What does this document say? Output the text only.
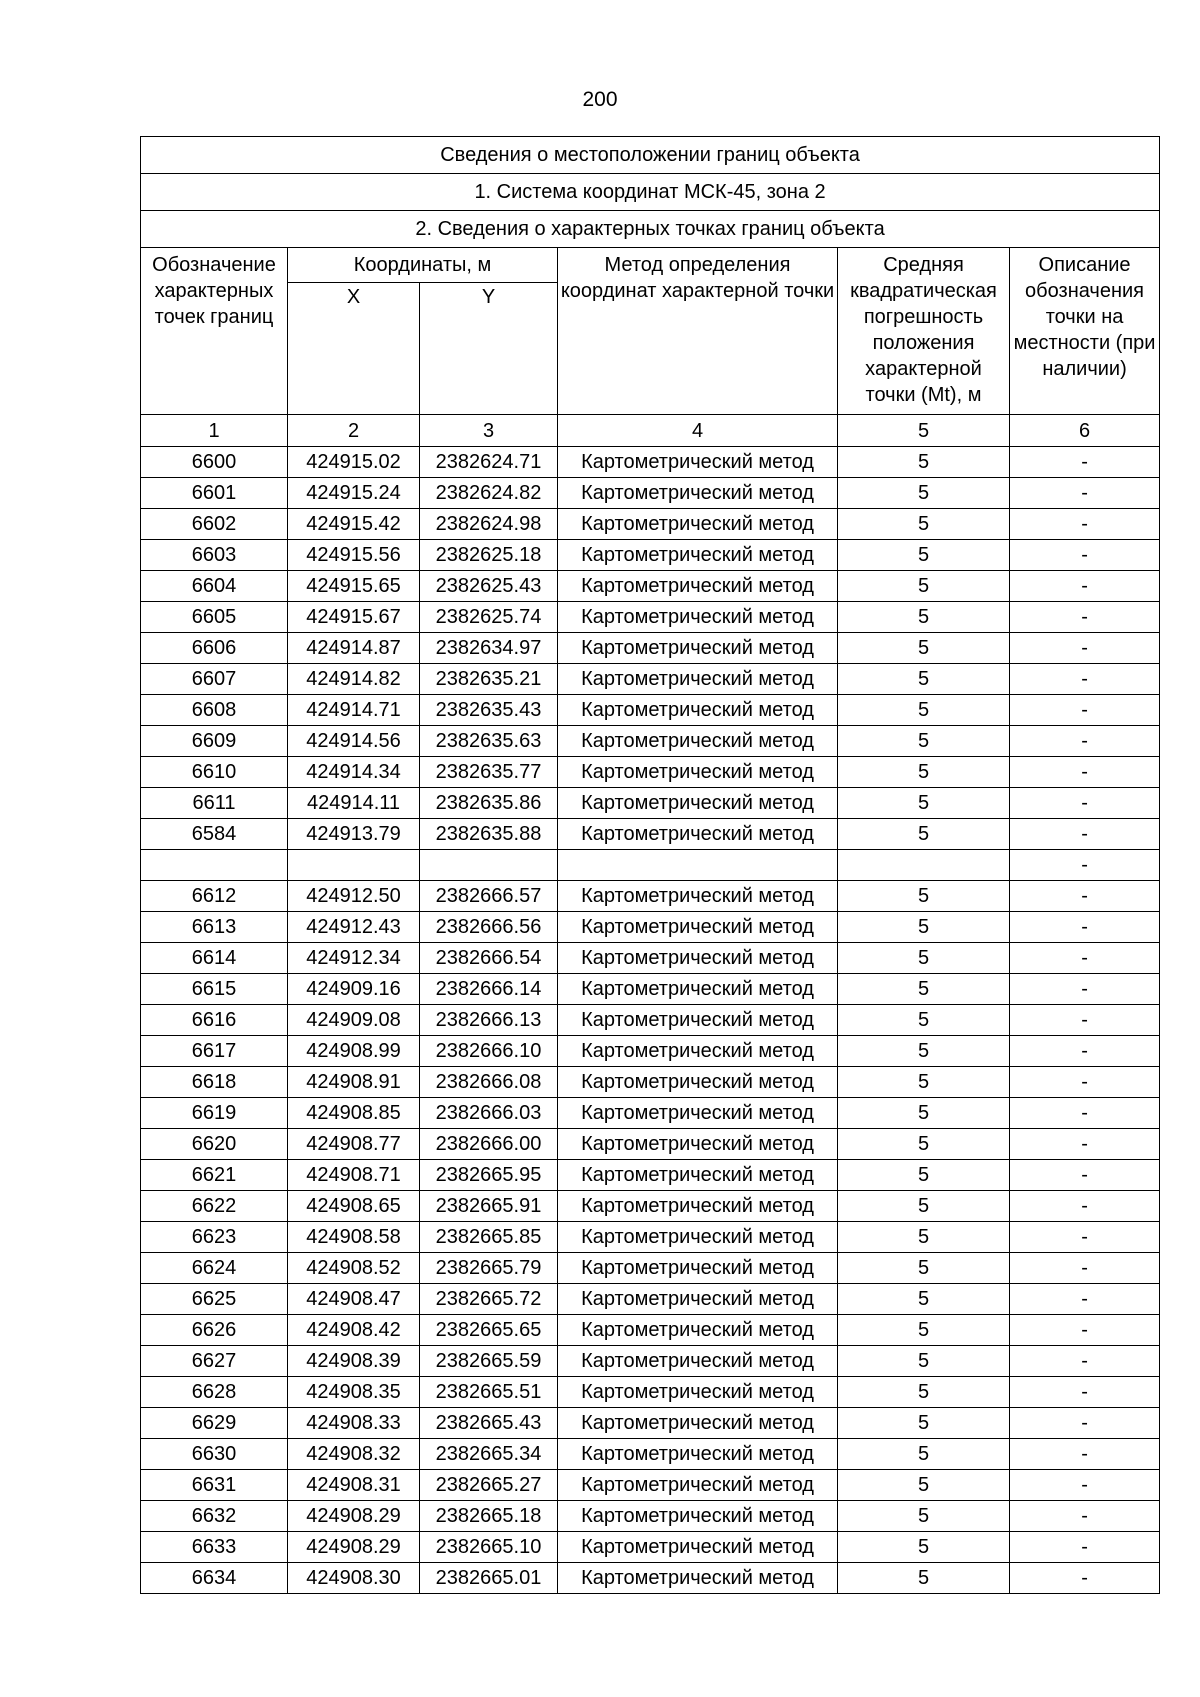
200
Сведения о местоположении границ объекта					
1. Система координат МСК-45, зона 2					
2. Сведения о характерных точках границ объекта					
Обозначение характерных точек границ	Координаты, м		Метод определения координат характерной точки	Средняя квадратическая погрешность положения характерной точки (Mt), м	Описание обозначения точки на местности (при наличии)
	X	Y			
1	2	3	4	5	6
6600	424915.02	2382624.71	Картометрический метод	5	-
6601	424915.24	2382624.82	Картометрический метод	5	-
6602	424915.42	2382624.98	Картометрический метод	5	-
6603	424915.56	2382625.18	Картометрический метод	5	-
6604	424915.65	2382625.43	Картометрический метод	5	-
6605	424915.67	2382625.74	Картометрический метод	5	-
6606	424914.87	2382634.97	Картометрический метод	5	-
6607	424914.82	2382635.21	Картометрический метод	5	-
6608	424914.71	2382635.43	Картометрический метод	5	-
6609	424914.56	2382635.63	Картометрический метод	5	-
6610	424914.34	2382635.77	Картометрический метод	5	-
6611	424914.11	2382635.86	Картометрический метод	5	-
6584	424913.79	2382635.88	Картометрический метод	5	-
					-
6612	424912.50	2382666.57	Картометрический метод	5	-
6613	424912.43	2382666.56	Картометрический метод	5	-
6614	424912.34	2382666.54	Картометрический метод	5	-
6615	424909.16	2382666.14	Картометрический метод	5	-
6616	424909.08	2382666.13	Картометрический метод	5	-
6617	424908.99	2382666.10	Картометрический метод	5	-
6618	424908.91	2382666.08	Картометрический метод	5	-
6619	424908.85	2382666.03	Картометрический метод	5	-
6620	424908.77	2382666.00	Картометрический метод	5	-
6621	424908.71	2382665.95	Картометрический метод	5	-
6622	424908.65	2382665.91	Картометрический метод	5	-
6623	424908.58	2382665.85	Картометрический метод	5	-
6624	424908.52	2382665.79	Картометрический метод	5	-
6625	424908.47	2382665.72	Картометрический метод	5	-
6626	424908.42	2382665.65	Картометрический метод	5	-
6627	424908.39	2382665.59	Картометрический метод	5	-
6628	424908.35	2382665.51	Картометрический метод	5	-
6629	424908.33	2382665.43	Картометрический метод	5	-
6630	424908.32	2382665.34	Картометрический метод	5	-
6631	424908.31	2382665.27	Картометрический метод	5	-
6632	424908.29	2382665.18	Картометрический метод	5	-
6633	424908.29	2382665.10	Картометрический метод	5	-
6634	424908.30	2382665.01	Картометрический метод	5	-
